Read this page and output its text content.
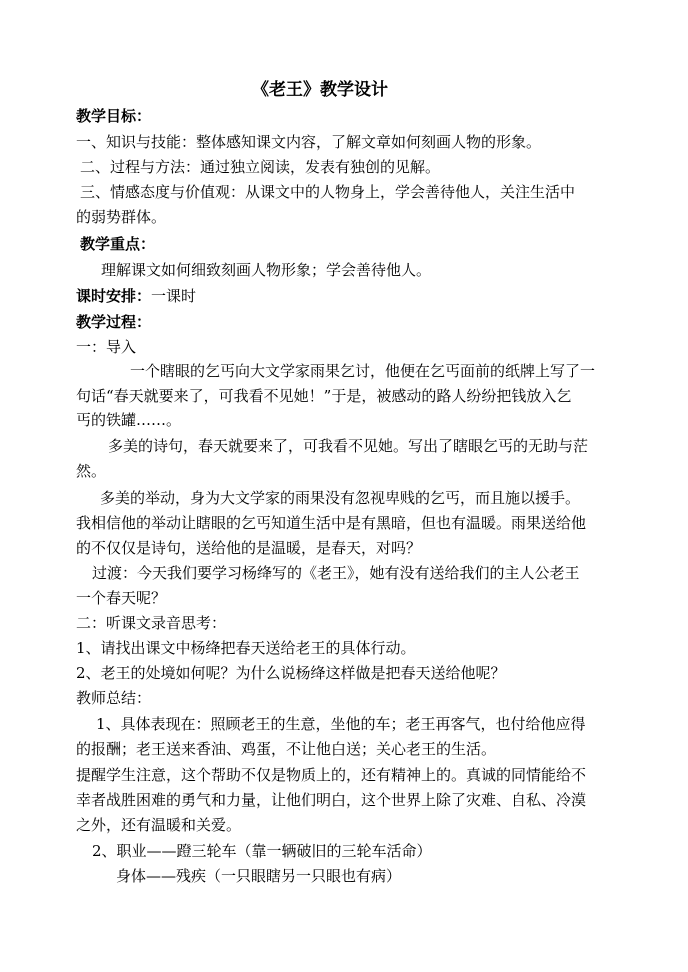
《老王》教学设计
教学目标：
一、知识与技能：整体感知课文内容，了解文章如何刻画人物的形象。
二、过程与方法：通过独立阅读，发表有独创的见解。
三、情感态度与价值观：从课文中的人物身上，学会善待他人，关注生活中
的弱势群体。
教学重点：
理解课文如何细致刻画人物形象；学会善待他人。
课时安排：一课时
教学过程：
一：导入
一个瞎眼的乞丐向大文学家雨果乞讨，他便在乞丐面前的纸牌上写了一
句话“春天就要来了，可我看不见她！”于是，被感动的路人纷纷把钱放入乞
丐的铁罐……。
多美的诗句，春天就要来了，可我看不见她。写出了瞎眼乞丐的无助与茫
然。
多美的举动，身为大文学家的雨果没有忽视卑贱的乞丐，而且施以援手。
我相信他的举动让瞎眼的乞丐知道生活中是有黑暗，但也有温暖。雨果送给他
的不仅仅是诗句，送给他的是温暖，是春天，对吗？
过渡：今天我们要学习杨绛写的《老王》，她有没有送给我们的主人公老王
一个春天呢？
二：听课文录音思考：
1、请找出课文中杨绛把春天送给老王的具体行动。
2、老王的处境如何呢？为什么说杨绛这样做是把春天送给他呢？
教师总结：
1、具体表现在：照顾老王的生意，坐他的车；老王再客气，也付给他应得
的报酬；老王送来香油、鸡蛋，不让他白送；关心老王的生活。
提醒学生注意，这个帮助不仅是物质上的，还有精神上的。真诚的同情能给不
幸者战胜困难的勇气和力量，让他们明白，这个世界上除了灾难、自私、冷漠
之外，还有温暖和关爱。
2、职业——蹬三轮车（靠一辆破旧的三轮车活命）
身体——残疾（一只眼瞎另一只眼也有病）
